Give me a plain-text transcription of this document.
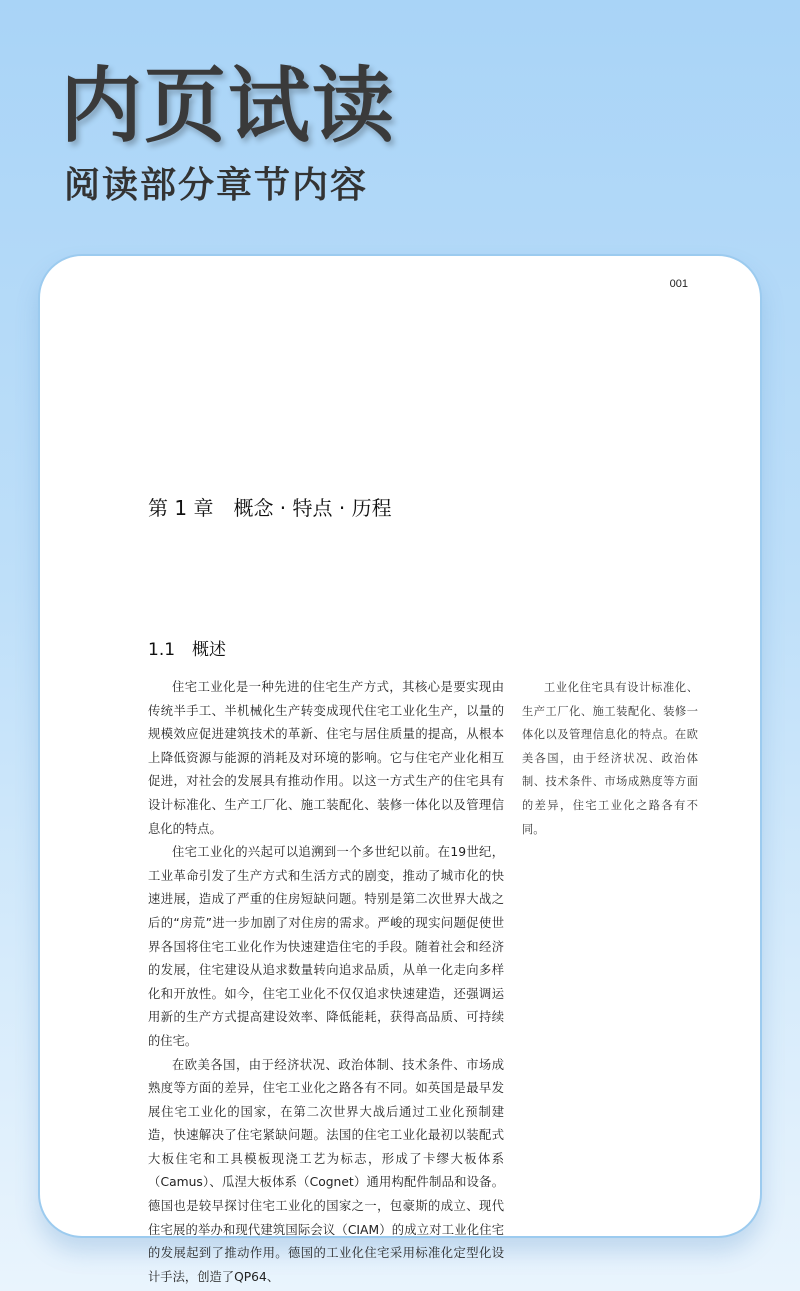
内页试读
阅读部分章节内容
001
第 1 章　概念 · 特点 · 历程
1.1　概述

住宅工业化是一种先进的住宅生产方式，其核心是要实现由传统半手工、半机械化生产转变成现代住宅工业化生产，以量的规模效应促进建筑技术的革新、住宅与居住质量的提高，从根本上降低资源与能源的消耗及对环境的影响。它与住宅产业化相互促进，对社会的发展具有推动作用。以这一方式生产的住宅具有设计标准化、生产工厂化、施工装配化、装修一体化以及管理信息化的特点。

住宅工业化的兴起可以追溯到一个多世纪以前。在19世纪，工业革命引发了生产方式和生活方式的剧变，推动了城市化的快速进展，造成了严重的住房短缺问题。特别是第二次世界大战之后的“房荒”进一步加剧了对住房的需求。严峻的现实问题促使世界各国将住宅工业化作为快速建造住宅的手段。随着社会和经济的发展，住宅建设从追求数量转向追求品质，从单一化走向多样化和开放性。如今，住宅工业化不仅仅追求快速建造，还强调运用新的生产方式提高建设效率、降低能耗，获得高品质、可持续的住宅。

在欧美各国，由于经济状况、政治体制、技术条件、市场成熟度等方面的差异，住宅工业化之路各有不同。如英国是最早发展住宅工业化的国家，在第二次世界大战后通过工业化预制建造，快速解决了住宅紧缺问题。法国的住宅工业化最初以装配式大板住宅和工具模板现浇工艺为标志，形成了卡缪大板体系（Camus）、瓜涅大板体系（Cognet）通用构配件制品和设备。德国也是较早探讨住宅工业化的国家之一，包豪斯的成立、现代住宅展的举办和现代建筑国际会议（CIAM）的成立对工业化住宅的发展起到了推动作用。德国的工业化住宅采用标准化定型化设计手法，创造了QP64、

工业化住宅具有设计标准化、生产工厂化、施工装配化、装修一体化以及管理信息化的特点。在欧美各国，由于经济状况、政治体制、技术条件、市场成熟度等方面的差异，住宅工业化之路各有不同。
